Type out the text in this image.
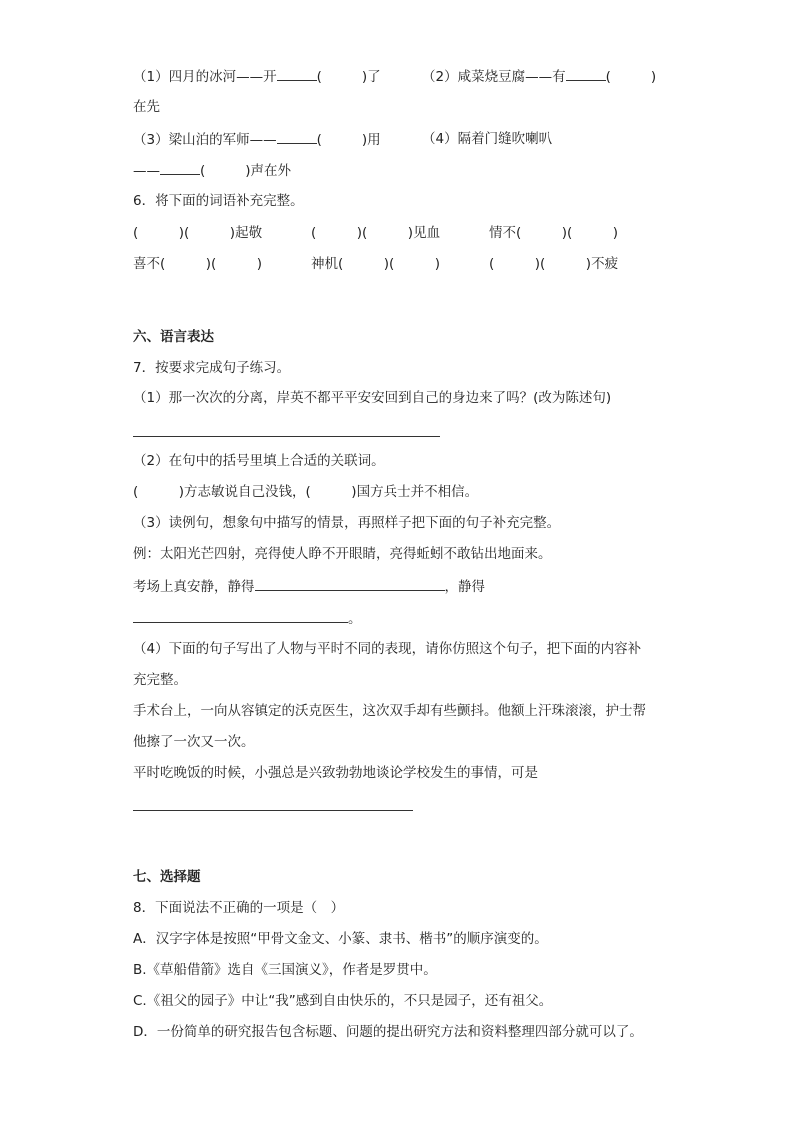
（1）四月的冰河——开	(	)了	（2）咸菜烧豆腐——有	(	)
在先
（3）梁山泊的军师——	(	)用	（4）隔着门缝吹喇叭
——	(	)声在外
6．将下面的词语补充完整。
(　　　)(　　　)起敬	(　　　)(　　　)见血	情不(　　　)(　　　)
喜不(　　　)(　　　)	神机(　　　)(　　　)	(　　　)(　　　)不疲
六、语言表达
7．按要求完成句子练习。
（1）那一次次的分离，岸英不都平平安安回到自己的身边来了吗？(改为陈述句)
（2）在句中的括号里填上合适的关联词。
(　　　)方志敏说自己没钱，(　　　)国方兵士并不相信。
（3）读例句，想象句中描写的情景，再照样子把下面的句子补充完整。
例：太阳光芒四射，亮得使人睁不开眼睛，亮得蚯蚓不敢钻出地面来。
考场上真安静，静得	，静得
。
（4）下面的句子写出了人物与平时不同的表现，请你仿照这个句子，把下面的内容补
充完整。
手术台上，一向从容镇定的沃克医生，这次双手却有些颤抖。他额上汗珠滚滚，护士帮
他擦了一次又一次。
平时吃晚饭的时候，小强总是兴致勃勃地谈论学校发生的事情，可是
七、选择题
8．下面说法不正确的一项是（　）
A．汉字字体是按照“甲骨文金文、小篆、隶书、楷书”的顺序演变的。
B.《草船借箭》选自《三国演义》，作者是罗贯中。
C.《祖父的园子》中让“我”感到自由快乐的，不只是园子，还有祖父。
D．一份简单的研究报告包含标题、问题的提出研究方法和资料整理四部分就可以了。
